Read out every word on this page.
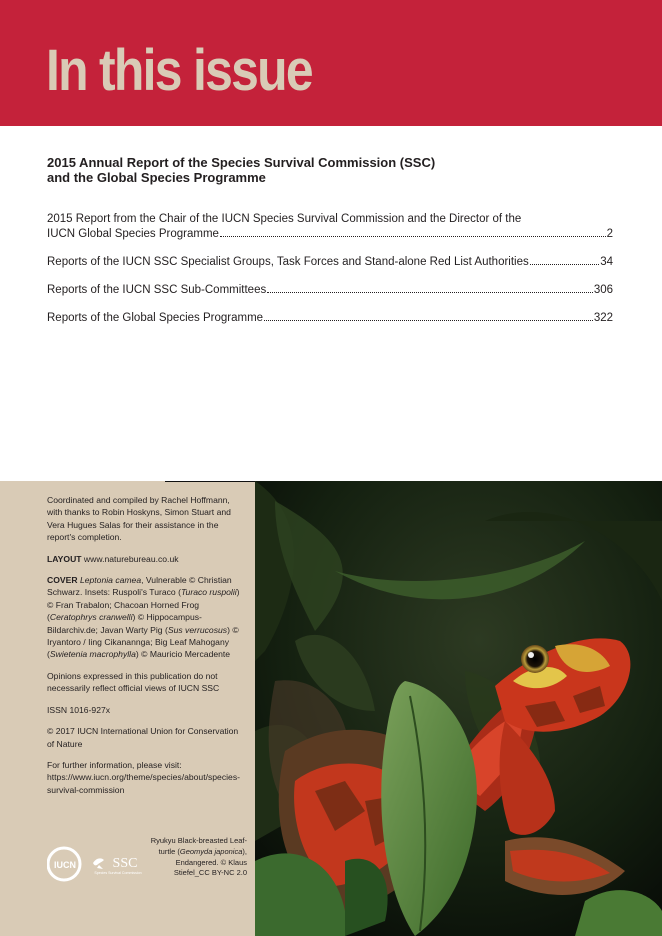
In this issue
2015 Annual Report of the Species Survival Commission (SSC)
and the Global Species Programme
2015 Report from the Chair of the IUCN Species Survival Commission and the Director of the
IUCN Global Species Programme	2
Reports of the IUCN SSC Specialist Groups, Task Forces and Stand-alone Red List Authorities	34
Reports of the IUCN SSC Sub-Committees	306
Reports of the Global Species Programme	322

Coordinated and compiled by Rachel Hoffmann, with thanks to Robin Hoskyns, Simon Stuart and Vera Hugues Salas for their assistance in the report's completion.

LAYOUT www.naturebureau.co.uk

COVER Leptonia camea, Vulnerable © Christian Schwarz. Insets: Ruspoli's Turaco (Turaco ruspolii) © Fran Trabalon; Chacoan Horned Frog (Ceratophrys cranwelli) © Hippocampus-Bildarchiv.de; Javan Warty Pig (Sus verrucosus) © Iryantoro / Iing Cikanannga; Big Leaf Mahogany (Swietenia macrophylla) © Mauricio Mercadente

Opinions expressed in this publication do not necessarily reflect official views of IUCN SSC

ISSN 1016-927x

© 2017 IUCN International Union for Conservation of Nature

For further information, please visit: https://www.iucn.org/theme/species/about/species-survival-commission

Ryukyu Black-breasted Leaf-turtle (Geomyda japonica), Endangered. © Klaus Stiefel_CC BY-NC 2.0
IUCN	SSC
Species Survival Commission
